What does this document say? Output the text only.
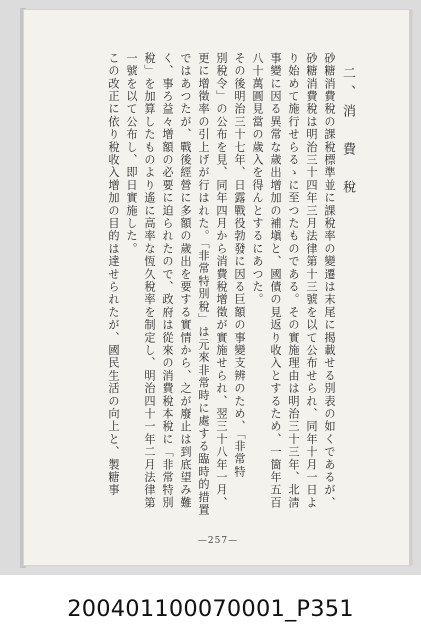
二、消　費　稅
砂糖消費稅の課稅標準並に課稅率の變遷は末尾に揭載せる別表の如くであるが、
砂糖消費稅は明治三十四年三月法律第十三號を以て公布せられ、同年十月一日よ
り始めて施行せらるゝに至つたものである。その實施理由は明治三十三年、北淸
事變に因る異常な歲出增加の補塡と、國債の見返り收入とするため、一箇年五百
八十萬圓見當の歲入を得んとするにあつた。
その後明治三十七年、日露戰役勃發に因る巨額の事變支辨のため、「非常特
別稅令」の公布を見、同年四月から消費稅增徵が實施せられ、翌三十八年一月、
更に增徵率の引上げが行はれた。「非常特別稅」は元來非常時に處する臨時的措置
ではあつたが、戰後經營に多額の歲出を要する實情から、之が廢止は到底望み難
く、事ろ益々增額の必要に迫られたので、政府は從來の消費稅本稅に「非常特別
稅」を加算したものより遙に高率な恆久稅率を制定し、明治四十一年二月法律第
一號を以て公布し、即日實施した。
この改正に依り稅收入增加の目的は達せられたが、國民生活の向上と、製糖事
—257—
200401100070001_P351
